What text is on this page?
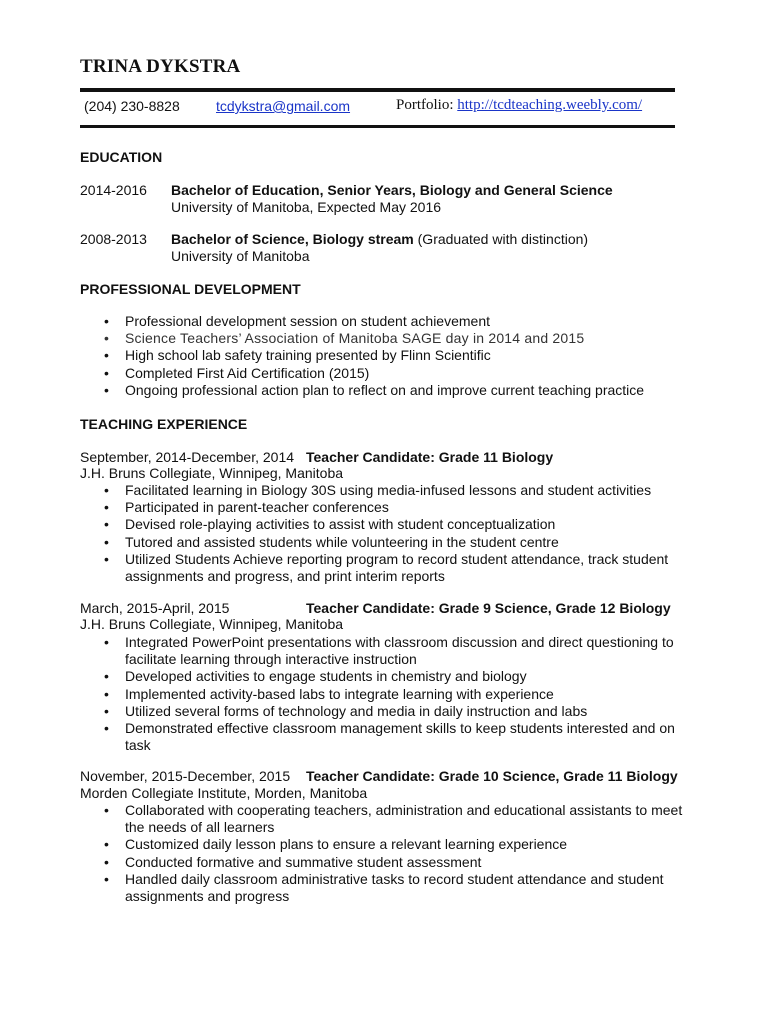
TRINA DYKSTRA
(204) 230-8828	tcdykstra@gmail.com	Portfolio: http://tcdteaching.weebly.com/
EDUCATION
2014-2016 Bachelor of Education, Senior Years, Biology and General Science
University of Manitoba, Expected May 2016
2008-2013 Bachelor of Science, Biology stream (Graduated with distinction)
University of Manitoba
PROFESSIONAL DEVELOPMENT
• Professional development session on student achievement
• Science Teachers’ Association of Manitoba SAGE day in 2014 and 2015
• High school lab safety training presented by Flinn Scientific
• Completed First Aid Certification (2015)
• Ongoing professional action plan to reflect on and improve current teaching practice
TEACHING EXPERIENCE
September, 2014-December, 2014 Teacher Candidate: Grade 11 Biology
J.H. Bruns Collegiate, Winnipeg, Manitoba
• Facilitated learning in Biology 30S using media-infused lessons and student activities
• Participated in parent-teacher conferences
• Devised role-playing activities to assist with student conceptualization
• Tutored and assisted students while volunteering in the student centre
• Utilized Students Achieve reporting program to record student attendance, track student assignments and progress, and print interim reports
March, 2015-April, 2015	Teacher Candidate: Grade 9 Science, Grade 12 Biology
J.H. Bruns Collegiate, Winnipeg, Manitoba
• Integrated PowerPoint presentations with classroom discussion and direct questioning to facilitate learning through interactive instruction
• Developed activities to engage students in chemistry and biology
• Implemented activity-based labs to integrate learning with experience
• Utilized several forms of technology and media in daily instruction and labs
• Demonstrated effective classroom management skills to keep students interested and on task
November, 2015-December, 2015 Teacher Candidate: Grade 10 Science, Grade 11 Biology
Morden Collegiate Institute, Morden, Manitoba
• Collaborated with cooperating teachers, administration and educational assistants to meet the needs of all learners
• Customized daily lesson plans to ensure a relevant learning experience
• Conducted formative and summative student assessment
• Handled daily classroom administrative tasks to record student attendance and student assignments and progress
